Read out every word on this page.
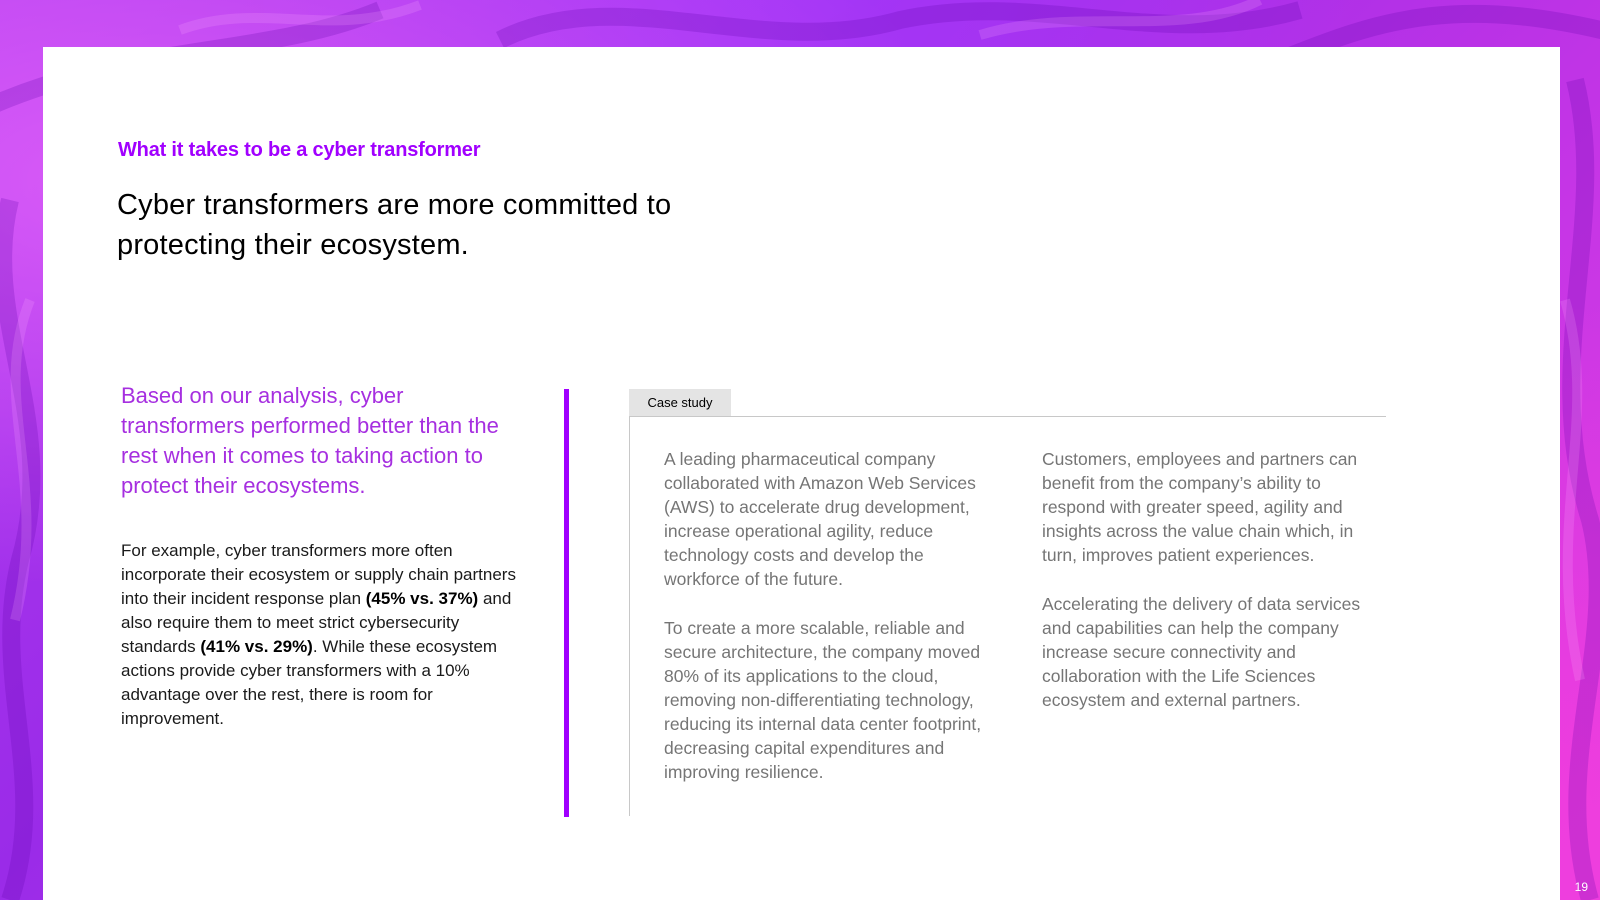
What it takes to be a cyber transformer
Cyber transformers are more committed to protecting their ecosystem.

Based on our analysis, cyber transformers performed better than the rest when it comes to taking action to protect their ecosystems.

For example, cyber transformers more often incorporate their ecosystem or supply chain partners into their incident response plan (45% vs. 37%) and also require them to meet strict cybersecurity standards (41% vs. 29%). While these ecosystem actions provide cyber transformers with a 10% advantage over the rest, there is room for improvement.

Case study

A leading pharmaceutical company collaborated with Amazon Web Services (AWS) to accelerate drug development, increase operational agility, reduce technology costs and develop the workforce of the future.

To create a more scalable, reliable and secure architecture, the company moved 80% of its applications to the cloud, removing non-differentiating technology, reducing its internal data center footprint, decreasing capital expenditures and improving resilience.

Customers, employees and partners can benefit from the company’s ability to respond with greater speed, agility and insights across the value chain which, in turn, improves patient experiences.

Accelerating the delivery of data services and capabilities can help the company increase secure connectivity and collaboration with the Life Sciences ecosystem and external partners.

19
